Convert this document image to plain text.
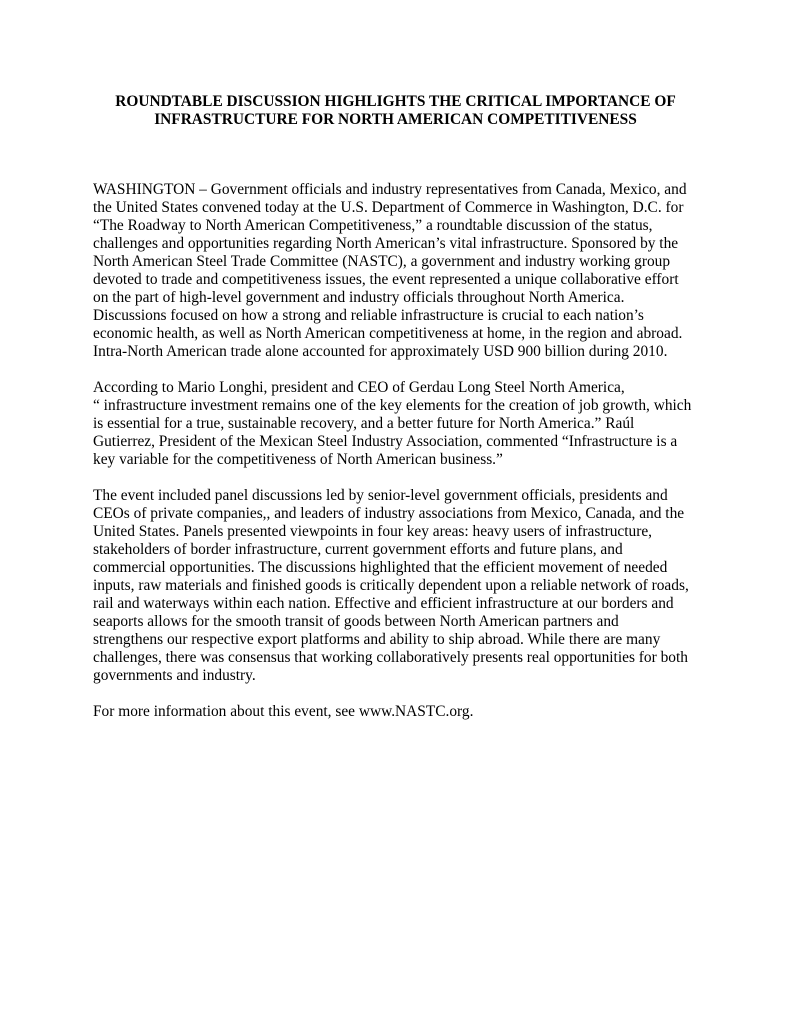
ROUNDTABLE DISCUSSION HIGHLIGHTS THE CRITICAL IMPORTANCE OF
INFRASTRUCTURE FOR NORTH AMERICAN COMPETITIVENESS

WASHINGTON – Government officials and industry representatives from Canada, Mexico, and
the United States convened today at the U.S. Department of Commerce in Washington, D.C. for
“The Roadway to North American Competitiveness,” a roundtable discussion of the status,
challenges and opportunities regarding North American’s vital infrastructure. Sponsored by the
North American Steel Trade Committee (NASTC), a government and industry working group
devoted to trade and competitiveness issues, the event represented a unique collaborative effort
on the part of high-level government and industry officials throughout North America.
Discussions focused on how a strong and reliable infrastructure is crucial to each nation’s
economic health, as well as North American competitiveness at home, in the region and abroad.
Intra-North American trade alone accounted for approximately USD 900 billion during 2010.

According to Mario Longhi, president and CEO of Gerdau Long Steel North America,
“ infrastructure investment remains one of the key elements for the creation of job growth, which
is essential for a true, sustainable recovery, and a better future for North America.” Raúl
Gutierrez, President of the Mexican Steel Industry Association, commented “Infrastructure is a
key variable for the competitiveness of North American business.”

The event included panel discussions led by senior-level government officials, presidents and
CEOs of private companies,, and leaders of industry associations from Mexico, Canada, and the
United States. Panels presented viewpoints in four key areas: heavy users of infrastructure,
stakeholders of border infrastructure, current government efforts and future plans, and
commercial opportunities. The discussions highlighted that the efficient movement of needed
inputs, raw materials and finished goods is critically dependent upon a reliable network of roads,
rail and waterways within each nation. Effective and efficient infrastructure at our borders and
seaports allows for the smooth transit of goods between North American partners and
strengthens our respective export platforms and ability to ship abroad. While there are many
challenges, there was consensus that working collaboratively presents real opportunities for both
governments and industry.

For more information about this event, see www.NASTC.org.
